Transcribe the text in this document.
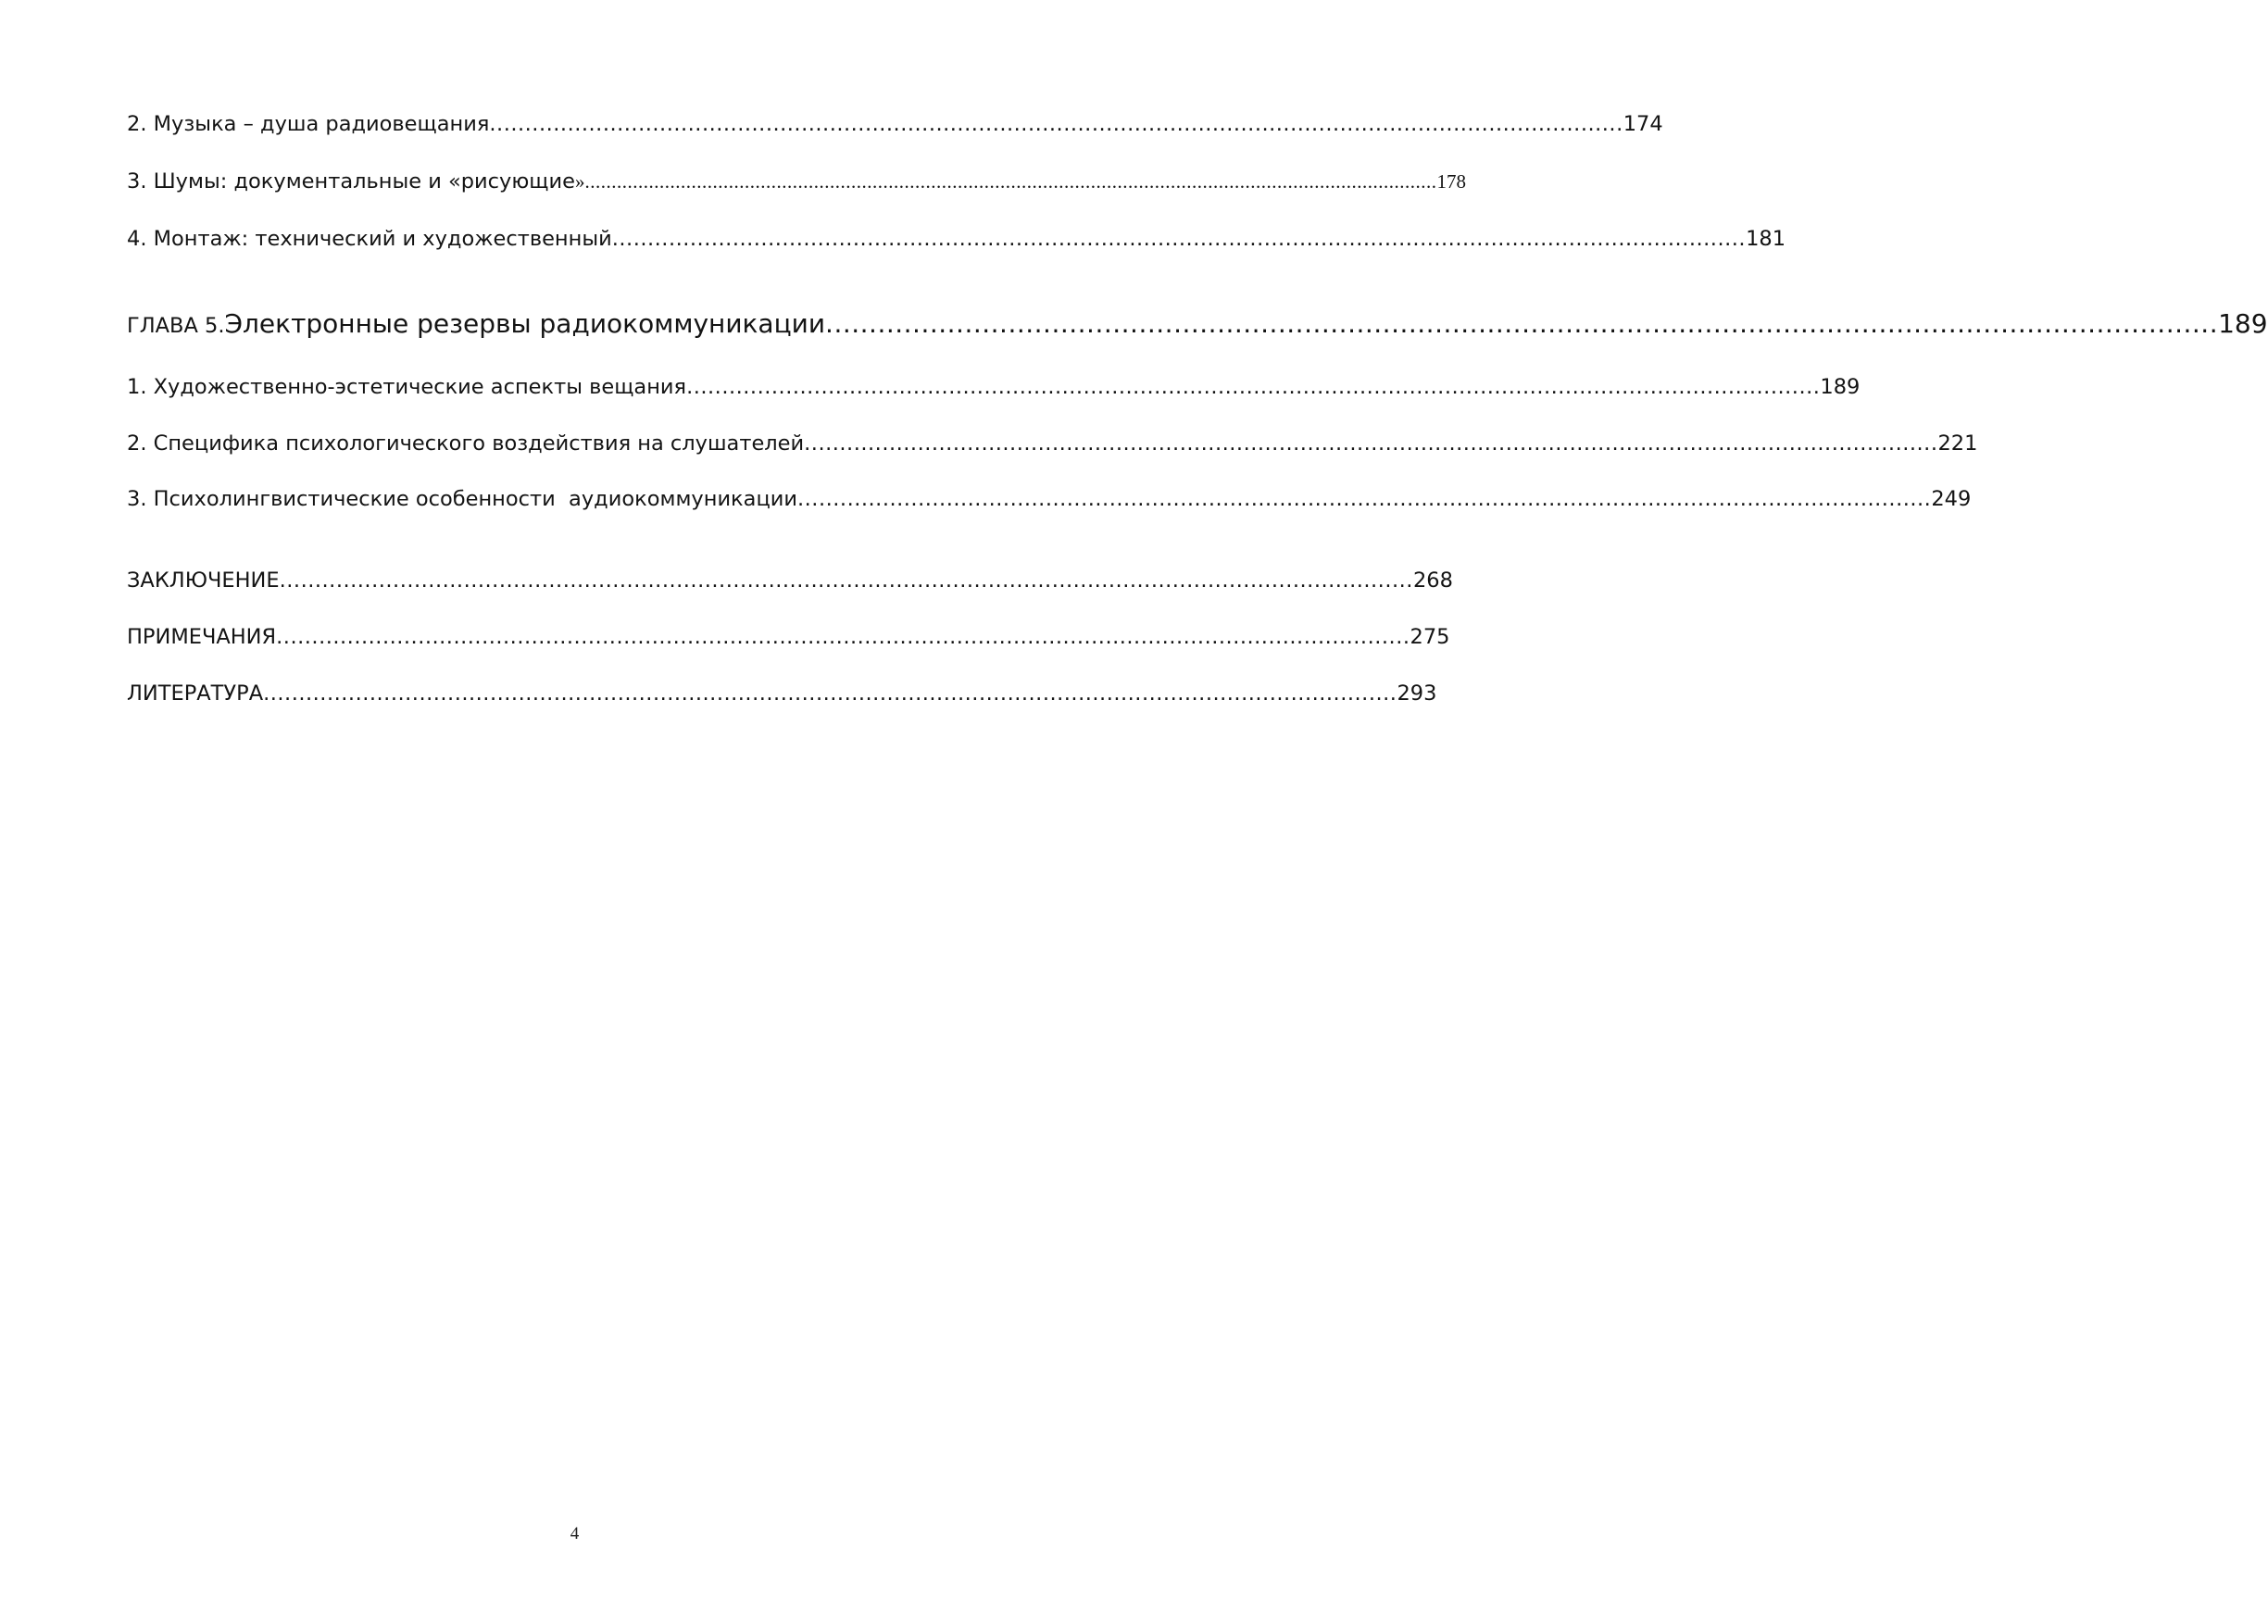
2. Музыка – душа радиовещания ................................................................................................................................................................ 174
3. Шумы: документальные и «рисующие » ................................................................................................................................................................ 178
4. Монтаж: технический и художественный ................................................................................................................................................................ 181
ГЛАВА 5. Электронные резервы радиокоммуникации ................................................................................................................................................................ 189
1. Художественно-эстетические аспекты вещания ................................................................................................................................................................ 189
2. Специфика психологического воздействия на слушателей ................................................................................................................................................................ 221
3. Психолингвистические особенности  аудиокоммуникации ................................................................................................................................................................ 249
ЗАКЛЮЧЕНИЕ ................................................................................................................................................................ 268
ПРИМЕЧАНИЯ ................................................................................................................................................................ 275
ЛИТЕРАТУРА ................................................................................................................................................................ 293
4
